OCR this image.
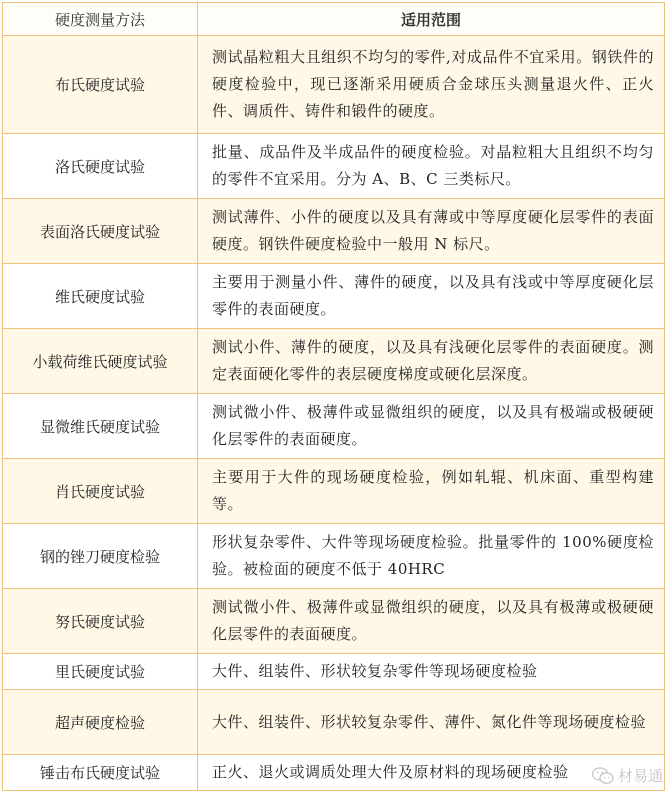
硬度测量方法	适用范围
布氏硬度试验	测试晶粒粗大且组织不均匀的零件,对成品件不宜采用。钢铁件的硬度检验中，现已逐渐采用硬质合金球压头测量退火件、正火件、调质件、铸件和锻件的硬度。
洛氏硬度试验	批量、成品件及半成品件的硬度检验。对晶粒粗大且组织不均匀的零件不宜采用。分为 A、B、C 三类标尺。
表面洛氏硬度试验	测试薄件、小件的硬度以及具有薄或中等厚度硬化层零件的表面硬度。钢铁件硬度检验中一般用 N 标尺。
维氏硬度试验	主要用于测量小件、薄件的硬度，以及具有浅或中等厚度硬化层零件的表面硬度。
小载荷维氏硬度试验	测试小件、薄件的硬度，以及具有浅硬化层零件的表面硬度。测定表面硬化零件的表层硬度梯度或硬化层深度。
显微维氏硬度试验	测试微小件、极薄件或显微组织的硬度，以及具有极端或极硬硬化层零件的表面硬度。
肖氏硬度试验	主要用于大件的现场硬度检验，例如轧辊、机床面、重型构建等。
钢的锉刀硬度检验	形状复杂零件、大件等现场硬度检验。批量零件的 100%硬度检验。被检面的硬度不低于 40HRC
努氏硬度试验	测试微小件、极薄件或显微组织的硬度，以及具有极薄或极硬硬化层零件的表面硬度。
里氏硬度试验	大件、组装件、形状较复杂零件等现场硬度检验
超声硬度检验	大件、组装件、形状较复杂零件、薄件、氮化件等现场硬度检验
锤击布氏硬度试验	正火、退火或调质处理大件及原材料的现场硬度检验	材易通
